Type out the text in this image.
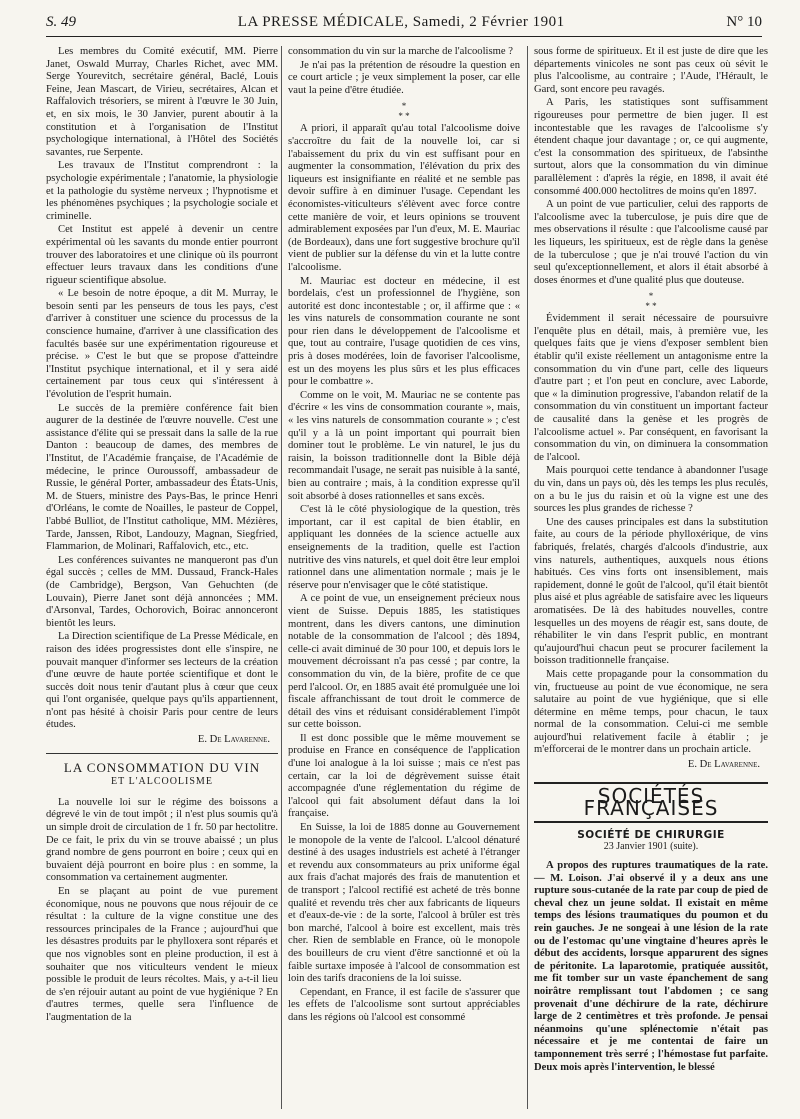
S. 49	LA PRESSE MÉDICALE, Samedi, 2 Février 1901	N° 10

Les membres du Comité exécutif, MM. Pierre Janet, Oswald Murray, Charles Richet, avec MM. Serge Yourevitch, secrétaire général, Baclé, Louis Feine, Jean Mascart, de Virieu, secrétaires, Alcan et Raffalovich trésoriers, se mirent à l'œuvre le 30 Juin, et, en six mois, le 30 Janvier, purent aboutir à la constitution et à l'organisation de l'Institut psychologique international, à l'Hôtel des Sociétés savantes, rue Serpente.

Les travaux de l'Institut comprendront : la psychologie expérimentale ; l'anatomie, la physiologie et la pathologie du système nerveux ; l'hypnotisme et les phénomènes psychiques ; la psychologie sociale et criminelle.

Cet Institut est appelé à devenir un centre expérimental où les savants du monde entier pourront trouver des laboratoires et une clinique où ils pourront effectuer leurs travaux dans les conditions d'une rigueur scientifique absolue.

« Le besoin de notre époque, a dit M. Murray, le besoin senti par les penseurs de tous les pays, c'est d'arriver à constituer une science du processus de la conscience humaine, d'arriver à une classification des facultés basée sur une expérimentation rigoureuse et précise. » C'est le but que se propose d'atteindre l'Institut psychique international, et il y sera aidé certainement par tous ceux qui s'intéressent à l'évolution de l'esprit humain.

Le succès de la première conférence fait bien augurer de la destinée de l'œuvre nouvelle. C'est une assistance d'élite qui se pressait dans la salle de la rue Danton : beaucoup de dames, des membres de l'Institut, de l'Académie française, de l'Académie de médecine, le prince Ouroussoff, ambassadeur de Russie, le général Porter, ambassadeur des États-Unis, M. de Stuers, ministre des Pays-Bas, le prince Henri d'Orléans, le comte de Noailles, le pasteur de Coppel, l'abbé Bulliot, de l'Institut catholique, MM. Mézières, Tarde, Janssen, Ribot, Landouzy, Magnan, Siegfried, Flammarion, de Molinari, Raffalovich, etc., etc.

Les conférences suivantes ne manqueront pas d'un égal succès ; celles de MM. Dussaud, Franck-Hales (de Cambridge), Bergson, Van Gehuchten (de Louvain), Pierre Janet sont déjà annoncées ; MM. d'Arsonval, Tardes, Ochorovich, Boirac annonceront bientôt les leurs.

La Direction scientifique de La Presse Médicale, en raison des idées progressistes dont elle s'inspire, ne pouvait manquer d'informer ses lecteurs de la création d'une œuvre de haute portée scientifique et dont le succès doit nous tenir d'autant plus à cœur que ceux qui l'ont organisée, quelque pays qu'ils appartiennent, n'ont pas hésité à choisir Paris pour centre de leurs études.

E. De Lavarenne.

LA CONSOMMATION DU VIN

ET L'ALCOOLISME

La nouvelle loi sur le régime des boissons a dégrevé le vin de tout impôt ; il n'est plus soumis qu'à un simple droit de circulation de 1 fr. 50 par hectolitre. De ce fait, le prix du vin se trouve abaissé ; un plus grand nombre de gens pourront en boire ; ceux qui en buvaient déjà pourront en boire plus : en somme, la consommation va certainement augmenter.

En se plaçant au point de vue purement économique, nous ne pouvons que nous réjouir de ce résultat : la culture de la vigne constitue une des ressources principales de la France ; aujourd'hui que les désastres produits par le phylloxera sont réparés et que nos vignobles sont en pleine production, il est à souhaiter que nos viticulteurs vendent le mieux possible le produit de leurs récoltes. Mais, y a-t-il lieu de s'en réjouir autant au point de vue hygiénique ? En d'autres termes, quelle sera l'influence de l'augmentation de la

consommation du vin sur la marche de l'alcoolisme ?

Je n'ai pas la prétention de résoudre la question en ce court article ; je veux simplement la poser, car elle vaut la peine d'être étudiée.

*
* *

A priori, il apparaît qu'au total l'alcoolisme doive s'accroître du fait de la nouvelle loi, car si l'abaissement du prix du vin est suffisant pour en augmenter la consommation, l'élévation du prix des liqueurs est insignifiante en réalité et ne semble pas devoir suffire à en diminuer l'usage. Cependant les économistes-viticulteurs s'élèvent avec force contre cette manière de voir, et leurs opinions se trouvent admirablement exposées par l'un d'eux, M. E. Mauriac (de Bordeaux), dans une fort suggestive brochure qu'il vient de publier sur la défense du vin et la lutte contre l'alcoolisme.

M. Mauriac est docteur en médecine, il est bordelais, c'est un professionnel de l'hygiène, son autorité est donc incontestable ; or, il affirme que : « les vins naturels de consommation courante ne sont pour rien dans le développement de l'alcoolisme et que, tout au contraire, l'usage quotidien de ces vins, pris à doses modérées, loin de favoriser l'alcoolisme, est un des moyens les plus sûrs et les plus efficaces pour le combattre ».

Comme on le voit, M. Mauriac ne se contente pas d'écrire « les vins de consommation courante », mais, « les vins naturels de consommation courante » ; c'est qu'il y a là un point important qui pourrait bien dominer tout le problème. Le vin naturel, le jus du raisin, la boisson traditionnelle dont la Bible déjà recommandait l'usage, ne serait pas nuisible à la santé, bien au contraire ; mais, à la condition expresse qu'il soit absorbé à doses rationnelles et sans excès.

C'est là le côté physiologique de la question, très important, car il est capital de bien établir, en appliquant les données de la science actuelle aux enseignements de la tradition, quelle est l'action nutritive des vins naturels, et quel doit être leur emploi rationnel dans une alimentation normale ; mais je le réserve pour n'envisager que le côté statistique.

A ce point de vue, un enseignement précieux nous vient de Suisse. Depuis 1885, les statistiques montrent, dans les divers cantons, une diminution notable de la consommation de l'alcool ; dès 1894, celle-ci avait diminué de 30 pour 100, et depuis lors le mouvement décroissant n'a pas cessé ; par contre, la consommation du vin, de la bière, profite de ce que perd l'alcool. Or, en 1885 avait été promulguée une loi fiscale affranchissant de tout droit le commerce de détail des vins et réduisant considérablement l'impôt sur cette boisson.

Il est donc possible que le même mouvement se produise en France en conséquence de l'application d'une loi analogue à la loi suisse ; mais ce n'est pas certain, car la loi de dégrèvement suisse était accompagnée d'une réglementation du régime de l'alcool qui fait absolument défaut dans la loi française.

En Suisse, la loi de 1885 donne au Gouvernement le monopole de la vente de l'alcool. L'alcool dénaturé destiné à des usages industriels est acheté à l'étranger et revendu aux consommateurs au prix uniforme égal aux frais d'achat majorés des frais de manutention et de transport ; l'alcool rectifié est acheté de très bonne qualité et revendu très cher aux fabricants de liqueurs et d'eaux-de-vie : de la sorte, l'alcool à brûler est très bon marché, l'alcool à boire est excellent, mais très cher. Rien de semblable en France, où le monopole des bouilleurs de cru vient d'être sanctionné et où la faible surtaxe imposée à l'alcool de consommation est loin des tarifs draconiens de la loi suisse.

Cependant, en France, il est facile de s'assurer que les effets de l'alcoolisme sont surtout appréciables dans les régions où l'alcool est consommé

sous forme de spiritueux. Et il est juste de dire que les départements vinicoles ne sont pas ceux où sévit le plus l'alcoolisme, au contraire ; l'Aude, l'Hérault, le Gard, sont encore peu ravagés.

A Paris, les statistiques sont suffisamment rigoureuses pour permettre de bien juger. Il est incontestable que les ravages de l'alcoolisme s'y étendent chaque jour davantage ; or, ce qui augmente, c'est la consommation des spiritueux, de l'absinthe surtout, alors que la consommation du vin diminue parallèlement : d'après la régie, en 1898, il avait été consommé 400.000 hectolitres de moins qu'en 1897.

A un point de vue particulier, celui des rapports de l'alcoolisme avec la tuberculose, je puis dire que de mes observations il résulte : que l'alcoolisme causé par les liqueurs, les spiritueux, est de règle dans la genèse de la tuberculose ; que je n'ai trouvé l'action du vin seul qu'exceptionnellement, et alors il était absorbé à doses énormes et d'une qualité plus que douteuse.

*
* *

Évidemment il serait nécessaire de poursuivre l'enquête plus en détail, mais, à première vue, les quelques faits que je viens d'exposer semblent bien établir qu'il existe réellement un antagonisme entre la consommation du vin d'une part, celle des liqueurs d'autre part ; et l'on peut en conclure, avec Laborde, que « la diminution progressive, l'abandon relatif de la consommation du vin constituent un important facteur de causalité dans la genèse et les progrès de l'alcoolisme actuel ». Par conséquent, en favorisant la consommation du vin, on diminuera la consommation de l'alcool.

Mais pourquoi cette tendance à abandonner l'usage du vin, dans un pays où, dès les temps les plus reculés, on a bu le jus du raisin et où la vigne est une des sources les plus grandes de richesse ?

Une des causes principales est dans la substitution faite, au cours de la période phylloxérique, de vins fabriqués, frelatés, chargés d'alcools d'industrie, aux vins naturels, authentiques, auxquels nous étions habitués. Ces vins forts ont insensiblement, mais rapidement, donné le goût de l'alcool, qu'il était bientôt plus aisé et plus agréable de satisfaire avec les liqueurs aromatisées. De là des habitudes nouvelles, contre lesquelles un des moyens de réagir est, sans doute, de réhabiliter le vin dans l'esprit public, en montrant qu'aujourd'hui chacun peut se procurer facilement la boisson traditionnelle française.

Mais cette propagande pour la consommation du vin, fructueuse au point de vue économique, ne sera salutaire au point de vue hygiénique, que si elle détermine en même temps, pour chacun, le taux normal de la consommation. Celui-ci me semble aujourd'hui relativement facile à établir ; je m'efforcerai de le montrer dans un prochain article.

E. De Lavarenne.

SOCIÉTÉS FRANÇAISES

SOCIÉTÉ DE CHIRURGIE

23 Janvier 1901 (suite).

A propos des ruptures traumatiques de la rate. — M. Loison. J'ai observé il y a deux ans une rupture sous-cutanée de la rate par coup de pied de cheval chez un jeune soldat. Il existait en même temps des lésions traumatiques du poumon et du rein gauches. Je ne songeai à une lésion de la rate ou de l'estomac qu'une vingtaine d'heures après le début des accidents, lorsque apparurent des signes de péritonite. La laparotomie, pratiquée aussitôt, me fit tomber sur un vaste épanchement de sang noirâtre remplissant tout l'abdomen ; ce sang provenait d'une déchirure de la rate, déchirure large de 2 centimètres et très profonde. Je pensai néanmoins qu'une splénectomie n'était pas nécessaire et je me contentai de faire un tamponnement très serré ; l'hémostase fut parfaite. Deux mois après l'intervention, le blessé
